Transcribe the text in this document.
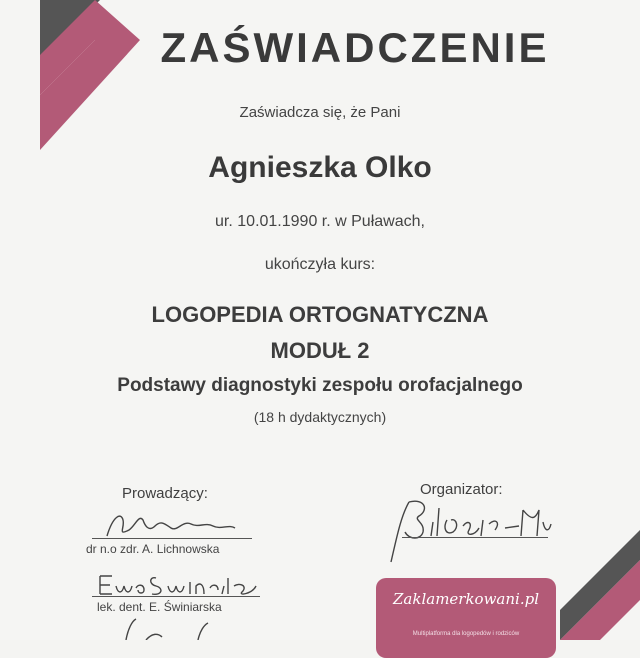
ZAŚWIADCZENIE
Zaświadcza się, że Pani
Agnieszka Olko
ur. 10.01.1990 r. w Puławach,
ukończyła kurs:
LOGOPEDIA ORTOGNATYCZNA
MODUŁ 2
Podstawy diagnostyki zespołu orofacjalnego
(18 h dydaktycznych)
Prowadzący:	Organizator:
dr n.o zdr. A. Lichnowska
lek. dent. E. Świniarska	Zaklamerkowani.pl
Multiplatforma dla logopedów i rodziców
